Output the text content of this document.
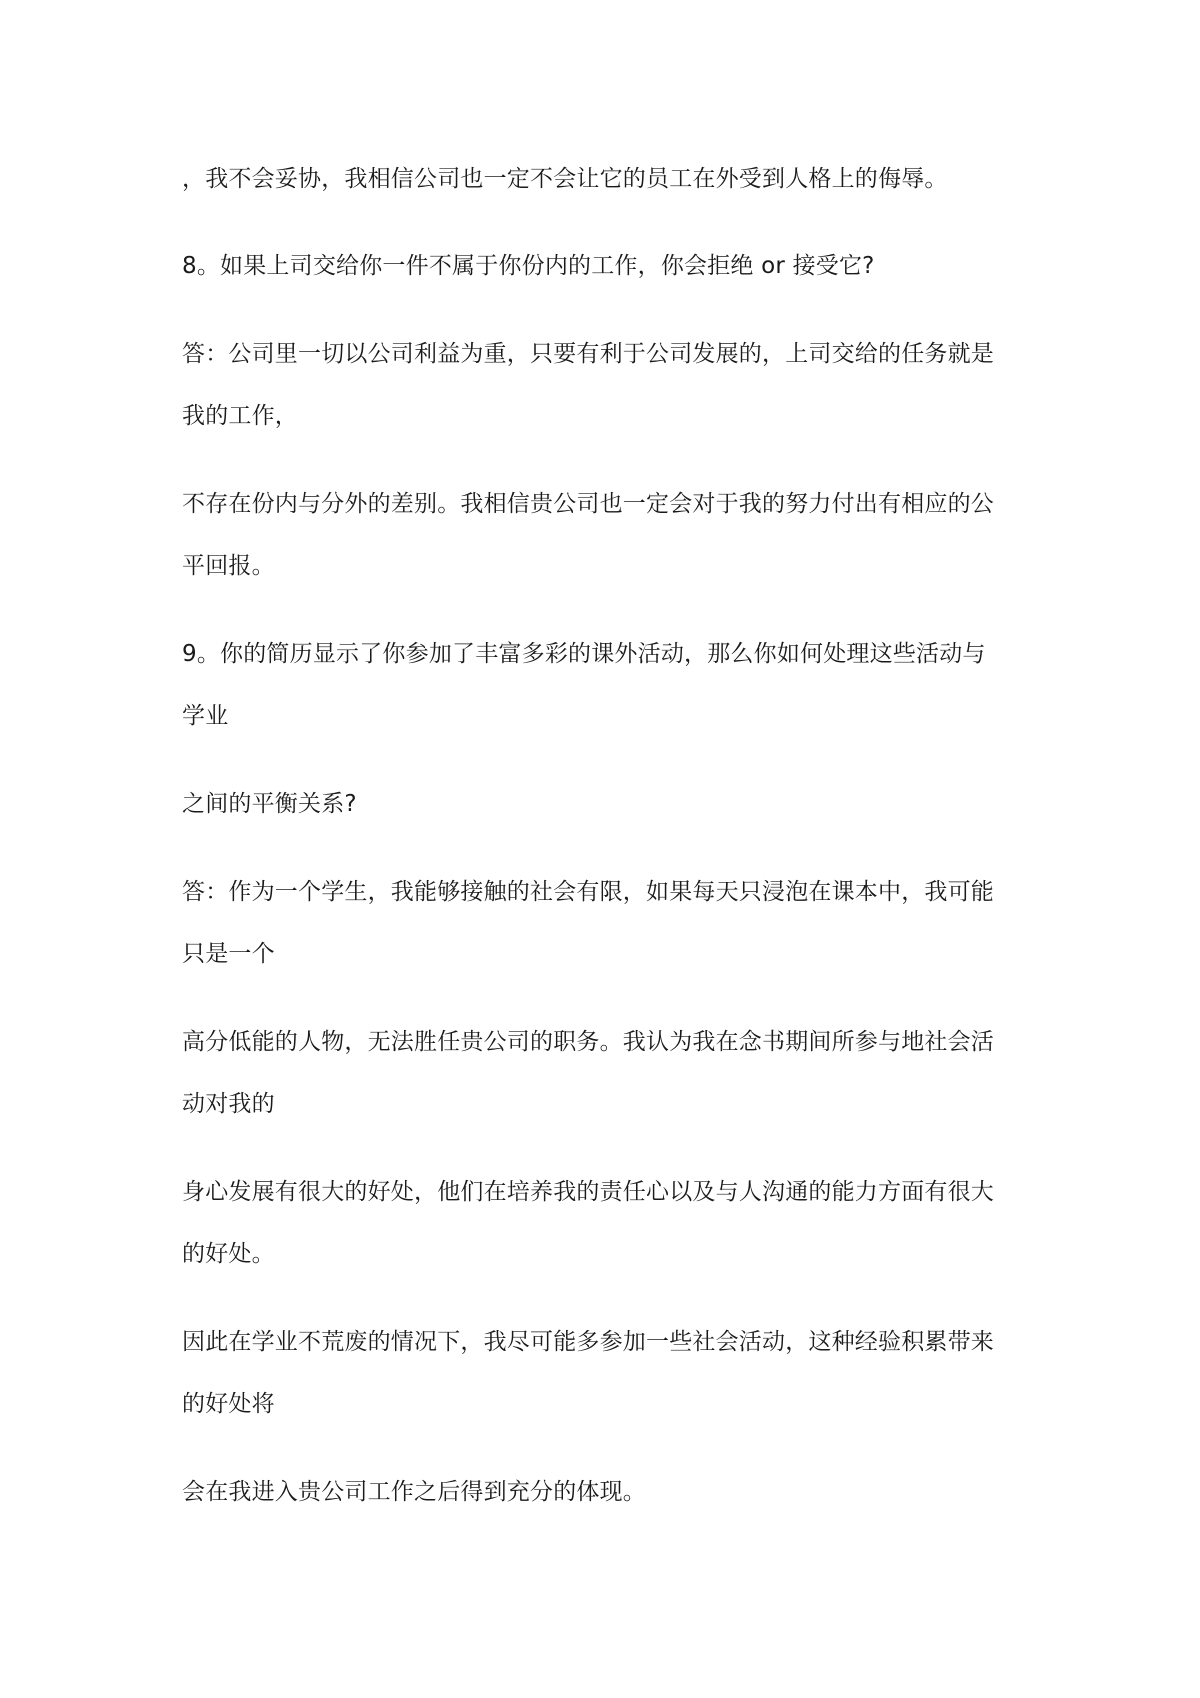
，我不会妥协，我相信公司也一定不会让它的员工在外受到人格上的侮辱。

8。如果上司交给你一件不属于你份内的工作，你会拒绝 or 接受它?

答：公司里一切以公司利益为重，只要有利于公司发展的，上司交给的任务就是

我的工作，

不存在份内与分外的差别。我相信贵公司也一定会对于我的努力付出有相应的公

平回报。

9。你的简历显示了你参加了丰富多彩的课外活动，那么你如何处理这些活动与

学业

之间的平衡关系?

答：作为一个学生，我能够接触的社会有限，如果每天只浸泡在课本中，我可能

只是一个

高分低能的人物，无法胜任贵公司的职务。我认为我在念书期间所参与地社会活

动对我的

身心发展有很大的好处，他们在培养我的责任心以及与人沟通的能力方面有很大

的好处。

因此在学业不荒废的情况下，我尽可能多参加一些社会活动，这种经验积累带来

的好处将

会在我进入贵公司工作之后得到充分的体现。
